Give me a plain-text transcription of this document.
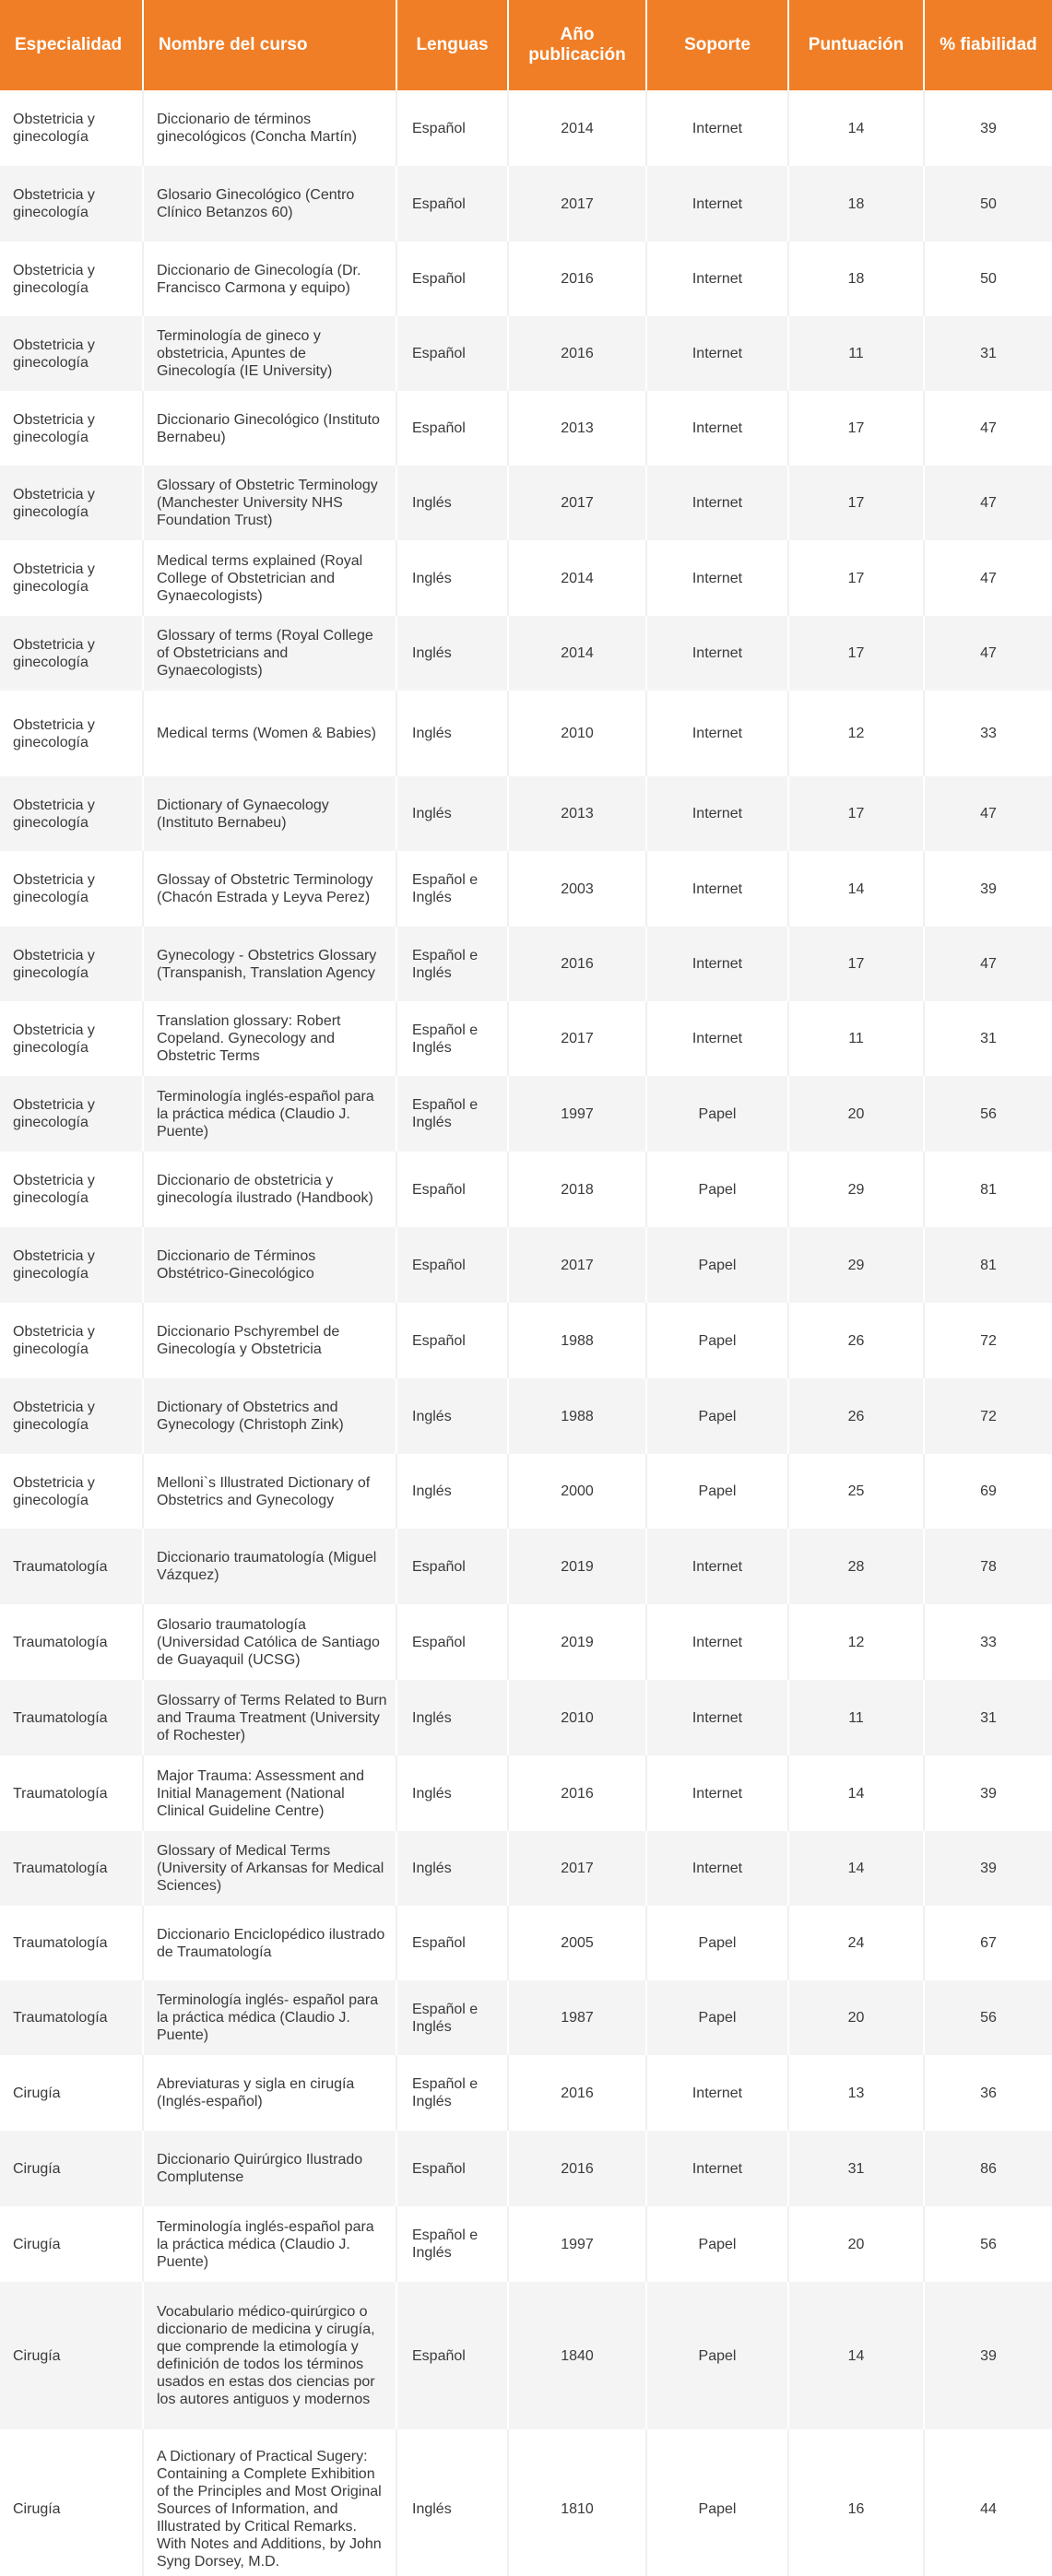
Especialidad	Nombre del curso	Lenguas	Año publicación	Soporte	Puntuación	% fiabilidad
Obstetricia y ginecología	Diccionario de términos ginecológicos (Concha Martín)	Español	2014	Internet	14	39
Obstetricia y ginecología	Glosario Ginecológico (Centro Clínico Betanzos 60)	Español	2017	Internet	18	50
Obstetricia y ginecología	Diccionario de Ginecología (Dr. Francisco Carmona y equipo)	Español	2016	Internet	18	50
Obstetricia y ginecología	Terminología de gineco y obstetricia, Apuntes de Ginecología (IE University)	Español	2016	Internet	11	31
Obstetricia y ginecología	Diccionario Ginecológico (Instituto Bernabeu)	Español	2013	Internet	17	47
Obstetricia y ginecología	Glossary of Obstetric Terminology (Manchester University NHS Foundation Trust)	Inglés	2017	Internet	17	47
Obstetricia y ginecología	Medical terms explained (Royal College of Obstetrician and Gynaecologists)	Inglés	2014	Internet	17	47
Obstetricia y ginecología	Glossary of terms (Royal College of Obstetricians and Gynaecologists)	Inglés	2014	Internet	17	47
Obstetricia y ginecología	Medical terms (Women & Babies)	Inglés	2010	Internet	12	33
Obstetricia y ginecología	Dictionary of Gynaecology (Instituto Bernabeu)	Inglés	2013	Internet	17	47
Obstetricia y ginecología	Glossay of Obstetric Terminology (Chacón Estrada y Leyva Perez)	Español e Inglés	2003	Internet	14	39
Obstetricia y ginecología	Gynecology - Obstetrics Glossary (Transpanish, Translation Agency	Español e Inglés	2016	Internet	17	47
Obstetricia y ginecología	Translation glossary: Robert Copeland. Gynecology and Obstetric Terms	Español e Inglés	2017	Internet	11	31
Obstetricia y ginecología	Terminología inglés-español para la práctica médica (Claudio J. Puente)	Español e Inglés	1997	Papel	20	56
Obstetricia y ginecología	Diccionario de obstetricia y ginecología ilustrado (Handbook)	Español	2018	Papel	29	81
Obstetricia y ginecología	Diccionario de Términos Obstétrico-Ginecológico	Español	2017	Papel	29	81
Obstetricia y ginecología	Diccionario Pschyrembel de Ginecología y Obstetricia	Español	1988	Papel	26	72
Obstetricia y ginecología	Dictionary of Obstetrics and Gynecology (Christoph Zink)	Inglés	1988	Papel	26	72
Obstetricia y ginecología	Melloni`s Illustrated Dictionary of Obstetrics and Gynecology	Inglés	2000	Papel	25	69
Traumatología	Diccionario traumatología (Miguel Vázquez)	Español	2019	Internet	28	78
Traumatología	Glosario traumatología (Universidad Católica de Santiago de Guayaquil (UCSG)	Español	2019	Internet	12	33
Traumatología	Glossarry of Terms Related to Burn and Trauma Treatment (University of Rochester)	Inglés	2010	Internet	11	31
Traumatología	Major Trauma: Assessment and Initial Management (National Clinical Guideline Centre)	Inglés	2016	Internet	14	39
Traumatología	Glossary of Medical Terms (University of Arkansas for Medical Sciences)	Inglés	2017	Internet	14	39
Traumatología	Diccionario Enciclopédico ilustrado de Traumatología	Español	2005	Papel	24	67
Traumatología	Terminología inglés- español para la práctica médica (Claudio J. Puente)	Español e Inglés	1987	Papel	20	56
Cirugía	Abreviaturas y sigla en cirugía (Inglés-español)	Español e Inglés	2016	Internet	13	36
Cirugía	Diccionario Quirúrgico Ilustrado Complutense	Español	2016	Internet	31	86
Cirugía	Terminología inglés-español para la práctica médica (Claudio J. Puente)	Español e Inglés	1997	Papel	20	56
Cirugía	Vocabulario médico-quirúrgico o diccionario de medicina y cirugía, que comprende la etimología y definición de todos los términos usados en estas dos ciencias por los autores antiguos y modernos	Español	1840	Papel	14	39
Cirugía	A Dictionary of Practical Sugery: Containing a Complete Exhibition of the Principles and Most Original Sources of Information, and Illustrated by Critical Remarks. With Notes and Additions, by John Syng Dorsey, M.D.	Inglés	1810	Papel	16	44
